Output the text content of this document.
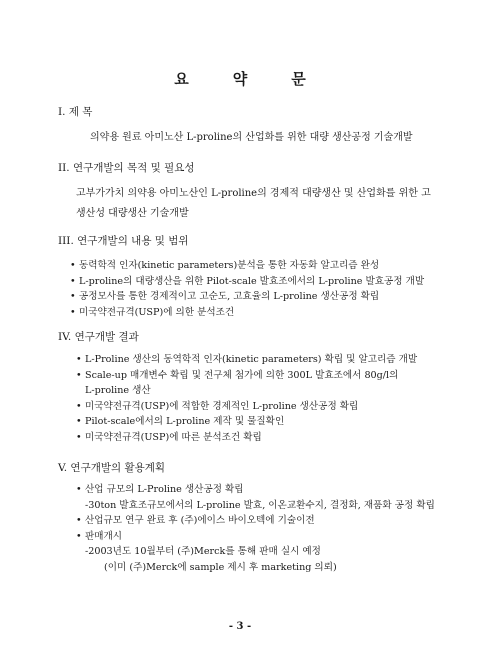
요	약	문
I. 제 목
의약용 원료 아미노산 L-proline의 산업화를 위한 대량 생산공정 기술개발
II. 연구개발의 목적 및 필요성
고부가가치 의약용 아미노산인 L-proline의 경제적 대량생산 및 산업화를 위한 고
생산성 대량생산 기술개발
III. 연구개발의 내용 및 범위
• 동력학적 인자(kinetic parameters)분석을 통한 자동화 알고리즘 완성
• L-proline의 대량생산을 위한 Pilot-scale 발효조에서의 L-proline 발효공정 개발
• 공정모사를 통한 경제적이고 고순도, 고효율의 L-proline 생산공정 확립
• 미국약전규격(USP)에 의한 분석조건
IV. 연구개발 결과
• L-Proline 생산의 동역학적 인자(kinetic parameters) 확립 및 알고리즘 개발
• Scale-up 매개변수 확립 및 전구체 첨가에 의한 300L 발효조에서 80g/l의
L-proline 생산
• 미국약전규격(USP)에 적합한 경제적인 L-proline 생산공정 확립
• Pilot-scale에서의 L-proline 제작 및 물질확인
• 미국약전규격(USP)에 따른 분석조건 확립
V. 연구개발의 활용계획
• 산업 규모의 L-Proline 생산공정 확립
-30ton 발효조규모에서의 L-proline 발효, 이온교환수지, 결정화, 재품화 공정 확립
• 산업규모 연구 완료 후 (주)에이스 바이오텍에 기술이전
• 판매개시
-2003년도 10월부터 (주)Merck를 통해 판매 실시 예정
(이미 (주)Merck에 sample 제시 후 marketing 의뢰)
- 3 -
